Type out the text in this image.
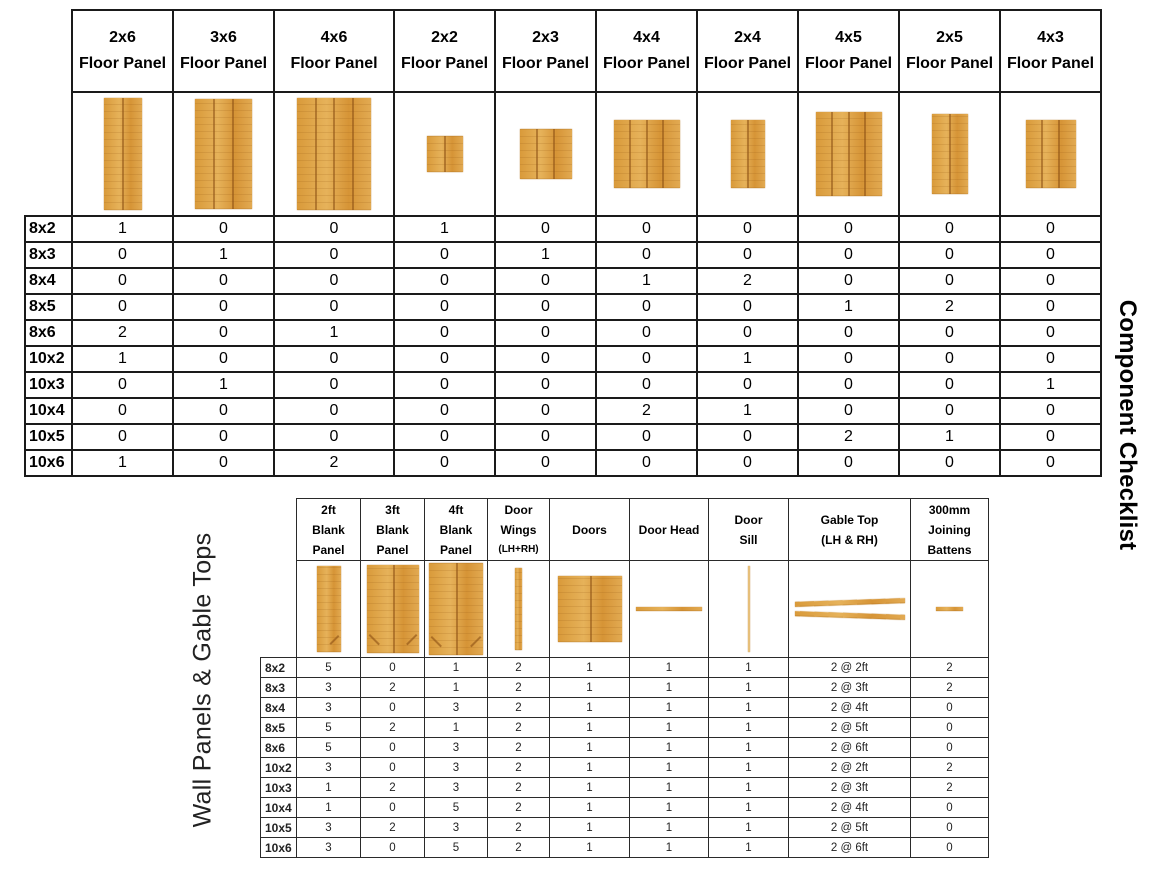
Component Checklist
Wall Panels & Gable Tops

2x6
Floor Panel

3x6
Floor Panel

4x6
Floor Panel

2x2
Floor Panel

2x3
Floor Panel

4x4
Floor Panel

2x4
Floor Panel

4x5
Floor Panel

2x5
Floor Panel

4x3
Floor Panel

8x2	1	0	0	1	0	0	0	0	0	0
8x3	0	1	0	0	1	0	0	0	0	0
8x4	0	0	0	0	0	1	2	0	0	0
8x5	0	0	0	0	0	0	0	1	2	0
8x6	2	0	1	0	0	0	0	0	0	0
10x2	1	0	0	0	0	0	1	0	0	0
10x3	0	1	0	0	0	0	0	0	0	1
10x4	0	0	0	0	0	2	1	0	0	0
10x5	0	0	0	0	0	0	0	2	1	0
10x6	1	0	2	0	0	0	0	0	0	0

2ft
Blank
Panel

3ft
Blank
Panel

4ft
Blank
Panel

Door
Wings
(LH+RH)

Doors	Door Head

Door
Sill

Gable Top
(LH & RH)

300mm
Joining
Battens

8x2	5	0	1	2	1	1	1	2 @ 2ft	2
8x3	3	2	1	2	1	1	1	2 @ 3ft	2
8x4	3	0	3	2	1	1	1	2 @ 4ft	0
8x5	5	2	1	2	1	1	1	2 @ 5ft	0
8x6	5	0	3	2	1	1	1	2 @ 6ft	0
10x2	3	0	3	2	1	1	1	2 @ 2ft	2
10x3	1	2	3	2	1	1	1	2 @ 3ft	2
10x4	1	0	5	2	1	1	1	2 @ 4ft	0
10x5	3	2	3	2	1	1	1	2 @ 5ft	0
10x6	3	0	5	2	1	1	1	2 @ 6ft	0
